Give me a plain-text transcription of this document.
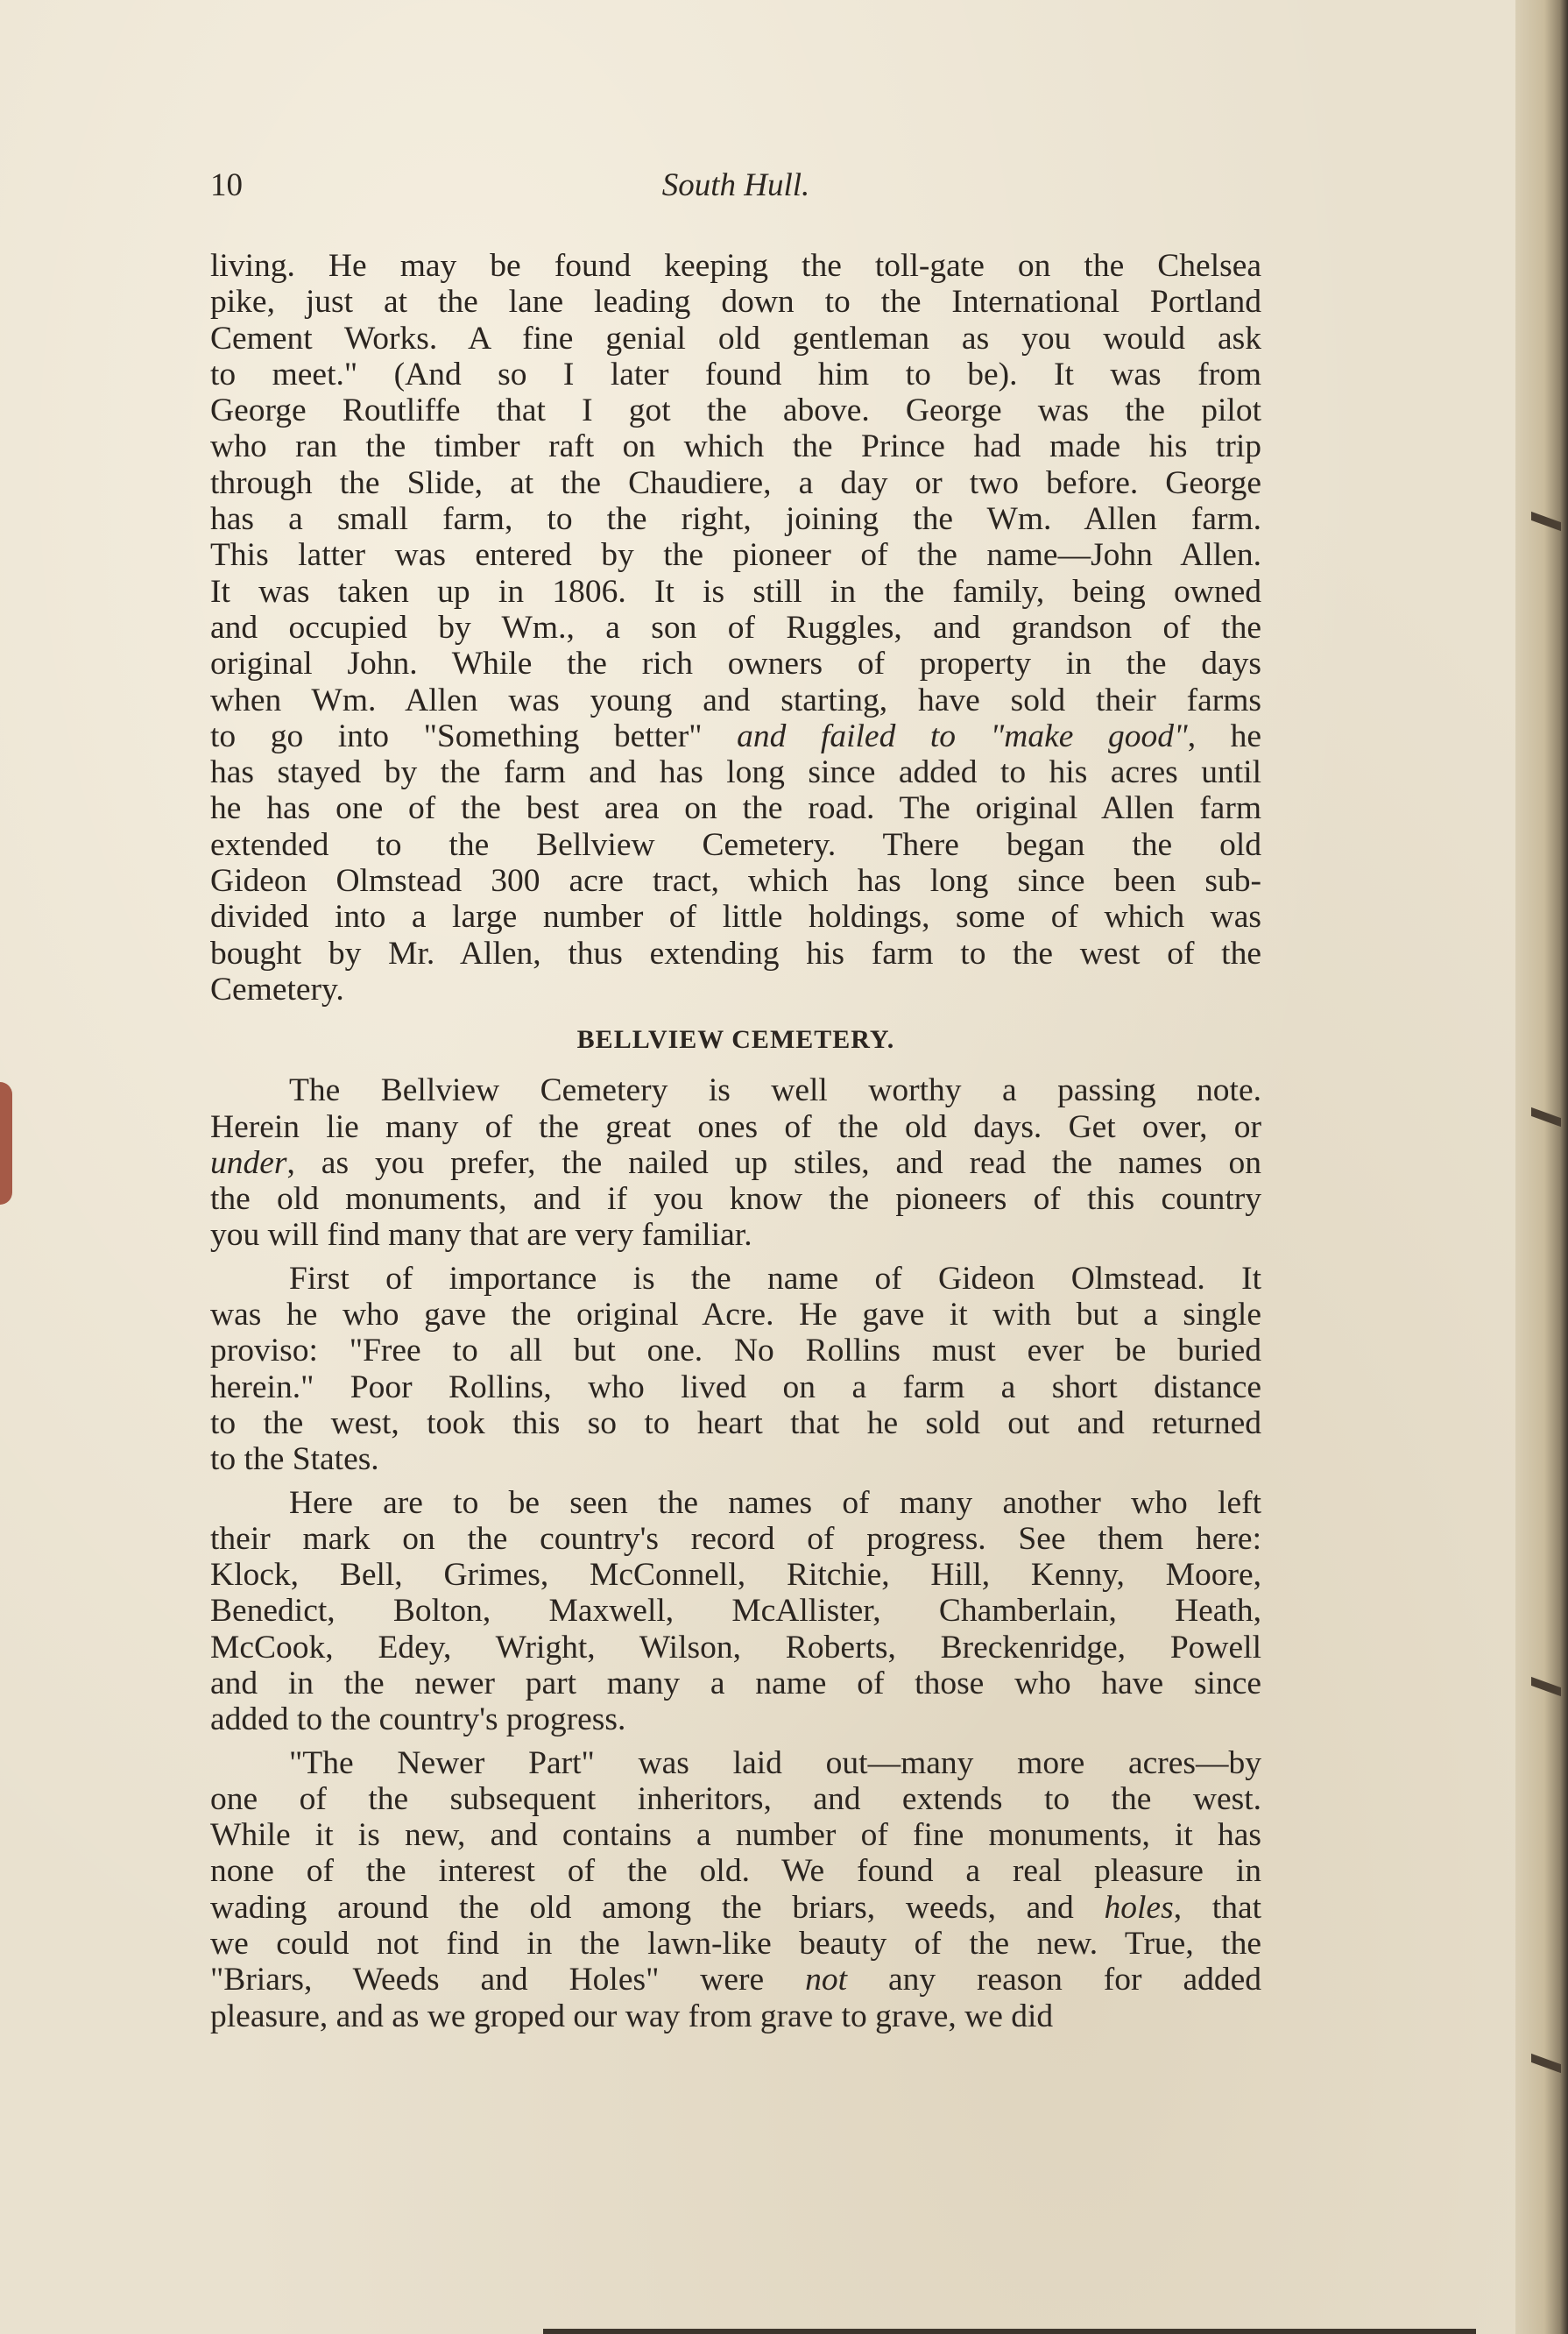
10	South Hull.
living. He may be found keeping the toll-gate on the Chelsea
pike, just at the lane leading down to the International Portland
Cement Works. A fine genial old gentleman as you would ask
to meet." (And so I later found him to be). It was from
George Routliffe that I got the above. George was the pilot
who ran the timber raft on which the Prince had made his trip
through the Slide, at the Chaudiere, a day or two before. George
has a small farm, to the right, joining the Wm. Allen farm.
This latter was entered by the pioneer of the name—John Allen.
It was taken up in 1806. It is still in the family, being owned
and occupied by Wm., a son of Ruggles, and grandson of the
original John. While the rich owners of property in the days
when Wm. Allen was young and starting, have sold their farms
to go into "Something better" and failed to "make good", he
has stayed by the farm and has long since added to his acres until
he has one of the best area on the road. The original Allen farm
extended to the Bellview Cemetery. There began the old
Gideon Olmstead 300 acre tract, which has long since been sub-
divided into a large number of little holdings, some of which was
bought by Mr. Allen, thus extending his farm to the west of the
Cemetery.
BELLVIEW CEMETERY.
The Bellview Cemetery is well worthy a passing note.
Herein lie many of the great ones of the old days. Get over, or
under, as you prefer, the nailed up stiles, and read the names on
the old monuments, and if you know the pioneers of this country
you will find many that are very familiar.
First of importance is the name of Gideon Olmstead. It
was he who gave the original Acre. He gave it with but a single
proviso: "Free to all but one. No Rollins must ever be buried
herein." Poor Rollins, who lived on a farm a short distance
to the west, took this so to heart that he sold out and returned
to the States.
Here are to be seen the names of many another who left
their mark on the country's record of progress. See them here:
Klock, Bell, Grimes, McConnell, Ritchie, Hill, Kenny, Moore,
Benedict, Bolton, Maxwell, McAllister, Chamberlain, Heath,
McCook, Edey, Wright, Wilson, Roberts, Breckenridge, Powell
and in the newer part many a name of those who have since
added to the country's progress.
"The Newer Part" was laid out—many more acres—by
one of the subsequent inheritors, and extends to the west.
While it is new, and contains a number of fine monuments, it has
none of the interest of the old. We found a real pleasure in
wading around the old among the briars, weeds, and holes, that
we could not find in the lawn-like beauty of the new. True, the
"Briars, Weeds and Holes" were not any reason for added
pleasure, and as we groped our way from grave to grave, we did
